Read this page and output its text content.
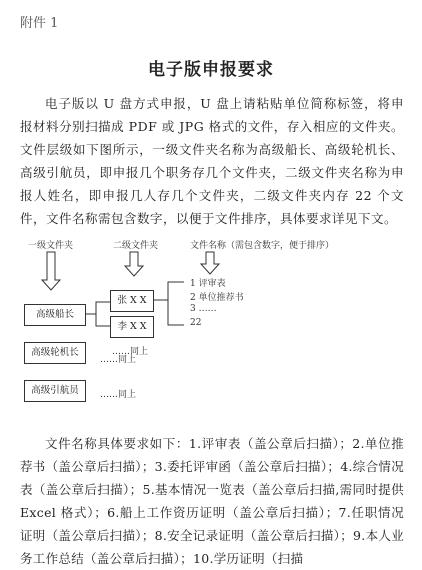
附件 1
电子版申报要求
电子版以 U 盘方式申报，U 盘上请粘贴单位简称标签，将申报材料分别扫描成 PDF 或 JPG 格式的文件，存入相应的文件夹。文件层级如下图所示，一级文件夹名称为高级船长、高级轮机长、高级引航员，即申报几个职务存几个文件夹，二级文件夹名称为申报人姓名，即申报几人存几个文件夹，二级文件夹内存 22 个文件，文件名称需包含数字，以便于文件排序，具体要求详见下文。
一级文件夹	二级文件夹	文件名称（需包含数字，便于排序）
高级船长
张 X X
李 X X
1 评审表
2 单位推荐书
3 ……
22
……同上
高级轮机长
……同上
高级引航员	……同上
文件名称具体要求如下：1.评审表（盖公章后扫描）；2.单位推荐书（盖公章后扫描）；3.委托评审函（盖公章后扫描）；4.综合情况表（盖公章后扫描）；5.基本情况一览表（盖公章后扫描,需同时提供 Excel 格式）；6.船上工作资历证明（盖公章后扫描）；7.任职情况证明（盖公章后扫描）；8.安全记录证明（盖公章后扫描）；9.本人业务工作总结（盖公章后扫描）；10.学历证明（扫描
